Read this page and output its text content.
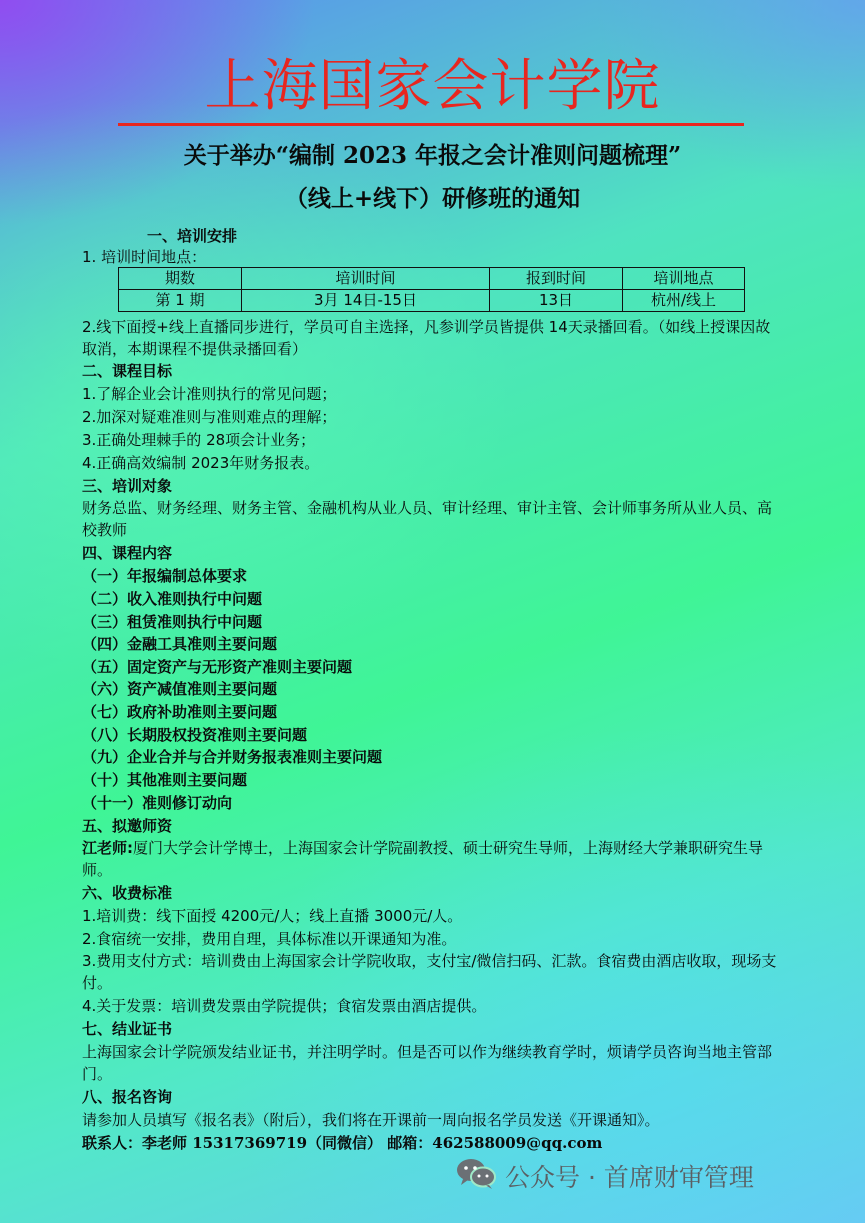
上海国家会计学院
关于举办“编制 2023 年报之会计准则问题梳理”
（线上+线下）研修班的通知
一、培训安排
1. 培训时间地点：
期数	培训时间	报到时间	培训地点
第 1 期	3月 14日-15日	13日	杭州/线上
2.线下面授+线上直播同步进行，学员可自主选择，凡参训学员皆提供 14天录播回看。（如线上授课因故取消，本期课程不提供录播回看）
二、课程目标
1.了解企业会计准则执行的常见问题；
2.加深对疑难准则与准则难点的理解；
3.正确处理棘手的 28项会计业务；
4.正确高效编制 2023年财务报表。
三、培训对象
财务总监、财务经理、财务主管、金融机构从业人员、审计经理、审计主管、会计师事务所从业人员、高校教师
四、课程内容
（一）年报编制总体要求
（二）收入准则执行中问题
（三）租赁准则执行中问题
（四）金融工具准则主要问题
（五）固定资产与无形资产准则主要问题
（六）资产减值准则主要问题
（七）政府补助准则主要问题
（八）长期股权投资准则主要问题
（九）企业合并与合并财务报表准则主要问题
（十）其他准则主要问题
（十一）准则修订动向
五、拟邀师资
江老师:厦门大学会计学博士，上海国家会计学院副教授、硕士研究生导师，上海财经大学兼职研究生导师。
六、收费标准
1.培训费：线下面授 4200元/人；线上直播 3000元/人。
2.食宿统一安排，费用自理，具体标准以开课通知为准。
3.费用支付方式：培训费由上海国家会计学院收取，支付宝/微信扫码、汇款。食宿费由酒店收取，现场支付。
4.关于发票：培训费发票由学院提供；食宿发票由酒店提供。
七、结业证书
上海国家会计学院颁发结业证书，并注明学时。但是否可以作为继续教育学时，烦请学员咨询当地主管部门。
八、报名咨询
请参加人员填写《报名表》（附后），我们将在开课前一周向报名学员发送《开课通知》。
联系人：李老师 15317369719（同微信） 邮箱：462588009@qq.com
公众号 · 首席财审管理
